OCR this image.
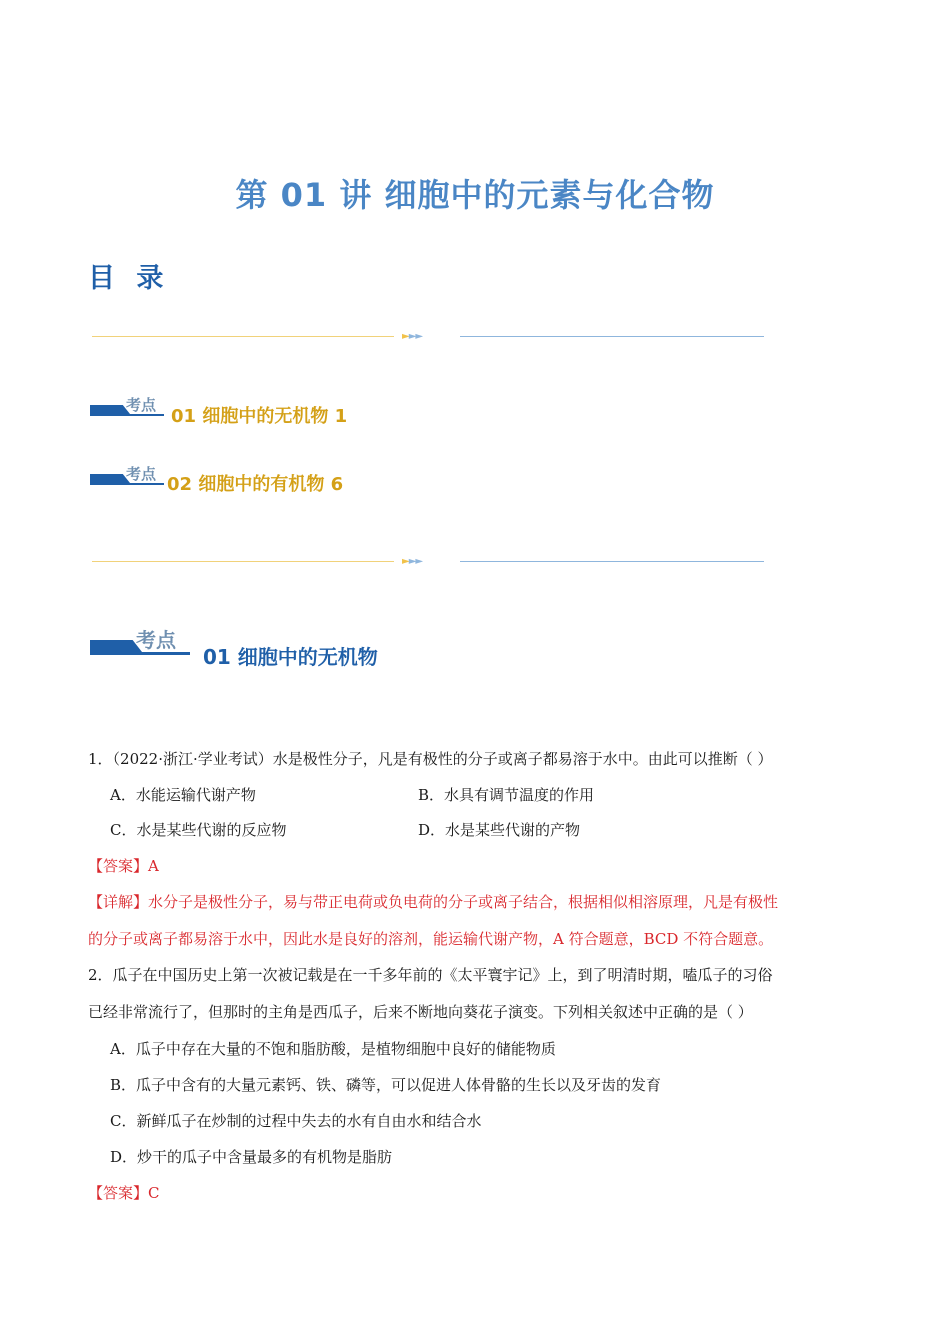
第 01 讲 细胞中的元素与化合物
目 录
►►►
考点
01 细胞中的无机物 1
考点 02 细胞中的有机物 6
►►►
考点
01 细胞中的无机物
1．（2022·浙江·学业考试）水是极性分子，凡是有极性的分子或离子都易溶于水中。由此可以推断（ ）
A．水能运输代谢产物	B．水具有调节温度的作用
C．水是某些代谢的反应物	D．水是某些代谢的产物
【答案】A
【详解】水分子是极性分子，易与带正电荷或负电荷的分子或离子结合，根据相似相溶原理，凡是有极性
的分子或离子都易溶于水中，因此水是良好的溶剂，能运输代谢产物，A 符合题意，BCD 不符合题意。
2．瓜子在中国历史上第一次被记载是在一千多年前的《太平寰宇记》上，到了明清时期，嗑瓜子的习俗
已经非常流行了，但那时的主角是西瓜子，后来不断地向葵花子演变。下列相关叙述中正确的是（ ）
A．瓜子中存在大量的不饱和脂肪酸，是植物细胞中良好的储能物质
B．瓜子中含有的大量元素钙、铁、磷等，可以促进人体骨骼的生长以及牙齿的发育
C．新鲜瓜子在炒制的过程中失去的水有自由水和结合水
D．炒干的瓜子中含量最多的有机物是脂肪
【答案】C
